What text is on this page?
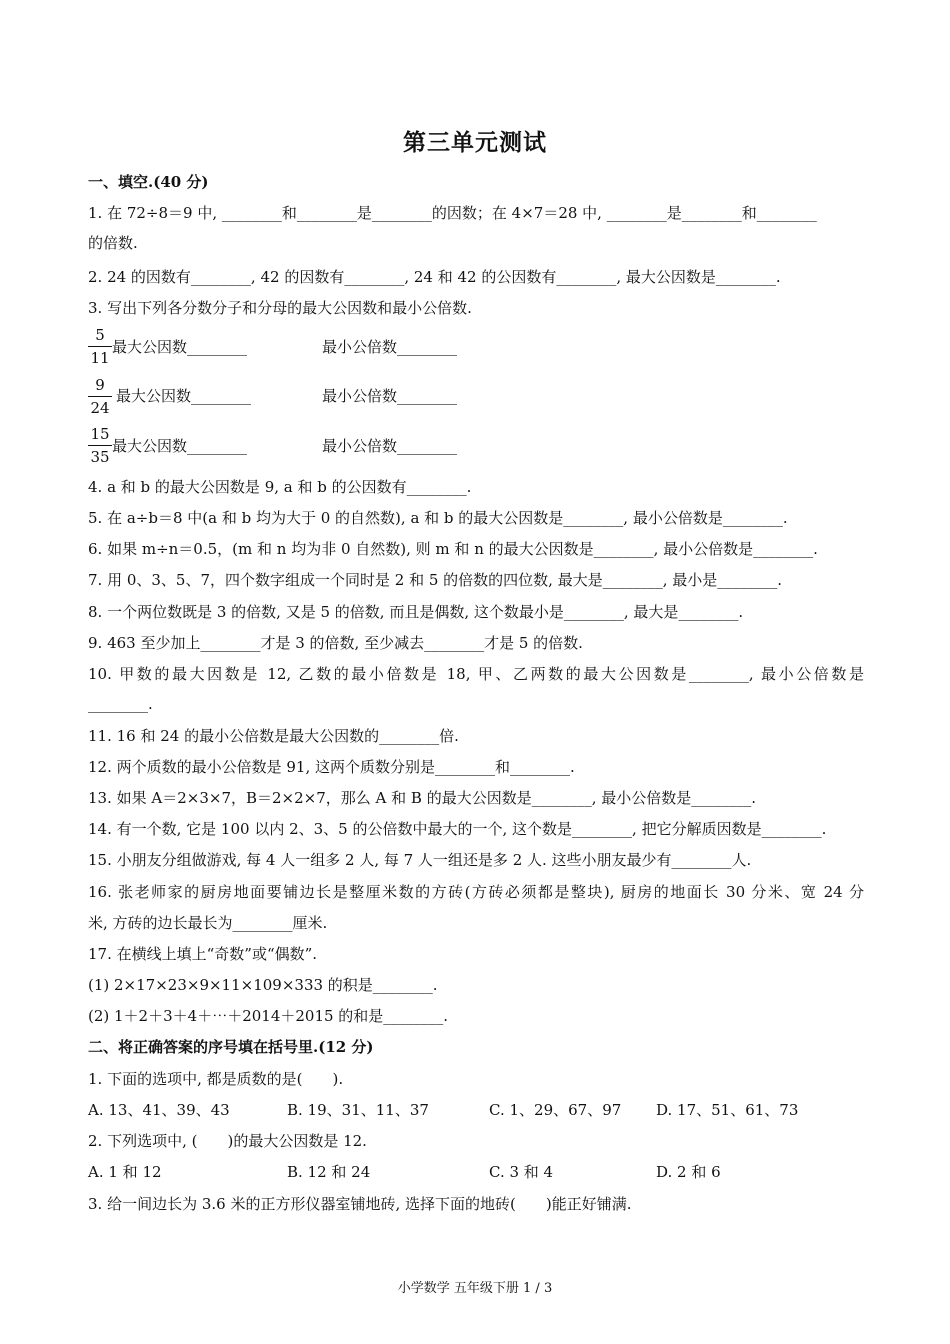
第三单元测试
一、填空.(40 分)
1. 在 72÷8＝9 中, ________和________是________的因数；在 4×7＝28 中, ________是________和________
的倍数.
2. 24 的因数有________, 42 的因数有________, 24 和 42 的公因数有________, 最大公因数是________.
3. 写出下列各分数分子和分母的最大公因数和最小公倍数.
$\frac{5}{11}$ 最大公因数________	最小公倍数________
$\frac{9}{24}$ 最大公因数________	最小公倍数________
$\frac{15}{35}$ 最大公因数________	最小公倍数________
4. a 和 b 的最大公因数是 9, a 和 b 的公因数有________.
5. 在 a÷b＝8 中(a 和 b 均为大于 0 的自然数), a 和 b 的最大公因数是________, 最小公倍数是________.
6. 如果 m÷n＝0.5，(m 和 n 均为非 0 自然数), 则 m 和 n 的最大公因数是________, 最小公倍数是________.
7. 用 0、3、5、7，四个数字组成一个同时是 2 和 5 的倍数的四位数, 最大是________, 最小是________.
8. 一个两位数既是 3 的倍数, 又是 5 的倍数, 而且是偶数, 这个数最小是________, 最大是________.
9. 463 至少加上________才是 3 的倍数, 至少减去________才是 5 的倍数.
10. 甲数的最大因数是 12, 乙数的最小倍数是 18, 甲、乙两数的最大公因数是________, 最小公倍数是
________.
11. 16 和 24 的最小公倍数是最大公因数的________倍.
12. 两个质数的最小公倍数是 91, 这两个质数分别是________和________.
13. 如果 A＝2×3×7，B＝2×2×7，那么 A 和 B 的最大公因数是________, 最小公倍数是________.
14. 有一个数, 它是 100 以内 2、3、5 的公倍数中最大的一个, 这个数是________, 把它分解质因数是________.
15. 小朋友分组做游戏, 每 4 人一组多 2 人, 每 7 人一组还是多 2 人. 这些小朋友最少有________人.
16. 张老师家的厨房地面要铺边长是整厘米数的方砖(方砖必须都是整块), 厨房的地面长 30 分米、宽 24 分
米, 方砖的边长最长为________厘米.
17. 在横线上填上“奇数”或“偶数”.
(1) 2×17×23×9×11×109×333 的积是________.
(2) 1＋2＋3＋4＋⋯＋2014＋2015 的和是________.
二、将正确答案的序号填在括号里.(12 分)
1. 下面的选项中, 都是质数的是(　　).
A. 13、41、39、43	B. 19、31、11、37	C. 1、29、67、97 D. 17、51、61、73
2. 下列选项中, (　　)的最大公因数是 12.
A. 1 和 12	B. 12 和 24	C. 3 和 4	D. 2 和 6
3. 给一间边长为 3.6 米的正方形仪器室铺地砖, 选择下面的地砖(　　)能正好铺满.
小学数学 五年级下册 1 / 3
